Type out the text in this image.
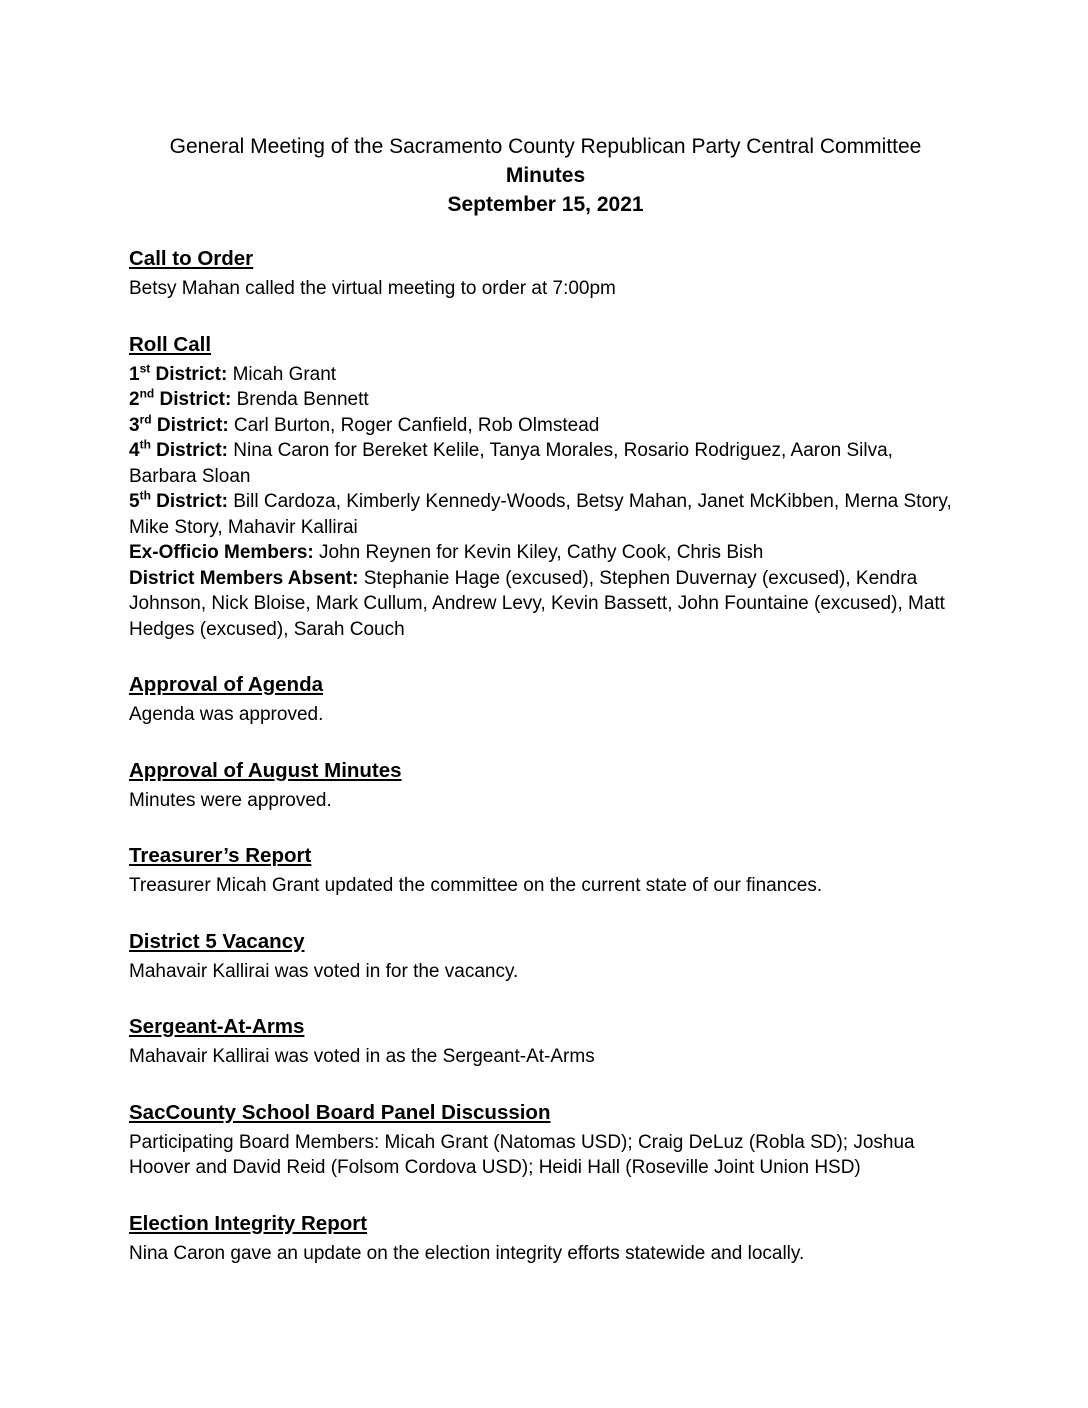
General Meeting of the Sacramento County Republican Party Central Committee
Minutes
September 15, 2021
Call to Order

Betsy Mahan called the virtual meeting to order at 7:00pm

Roll Call

1st District: Micah Grant

2nd District: Brenda Bennett

3rd District: Carl Burton, Roger Canfield, Rob Olmstead

4th District: Nina Caron for Bereket Kelile, Tanya Morales, Rosario Rodriguez, Aaron Silva, Barbara Sloan

5th District: Bill Cardoza, Kimberly Kennedy-Woods, Betsy Mahan, Janet McKibben, Merna Story, Mike Story, Mahavir Kallirai

Ex-Officio Members: John Reynen for Kevin Kiley, Cathy Cook, Chris Bish

District Members Absent: Stephanie Hage (excused), Stephen Duvernay (excused), Kendra Johnson, Nick Bloise, Mark Cullum, Andrew Levy, Kevin Bassett, John Fountaine (excused), Matt Hedges (excused), Sarah Couch

Approval of Agenda

Agenda was approved.

Approval of August Minutes

Minutes were approved.

Treasurer’s Report

Treasurer Micah Grant updated the committee on the current state of our finances.

District 5 Vacancy

Mahavair Kallirai was voted in for the vacancy.

Sergeant-At-Arms

Mahavair Kallirai was voted in as the Sergeant-At-Arms

SacCounty School Board Panel Discussion

Participating Board Members: Micah Grant (Natomas USD); Craig DeLuz (Robla SD); Joshua Hoover and David Reid (Folsom Cordova USD); Heidi Hall (Roseville Joint Union HSD)

Election Integrity Report

Nina Caron gave an update on the election integrity efforts statewide and locally.
